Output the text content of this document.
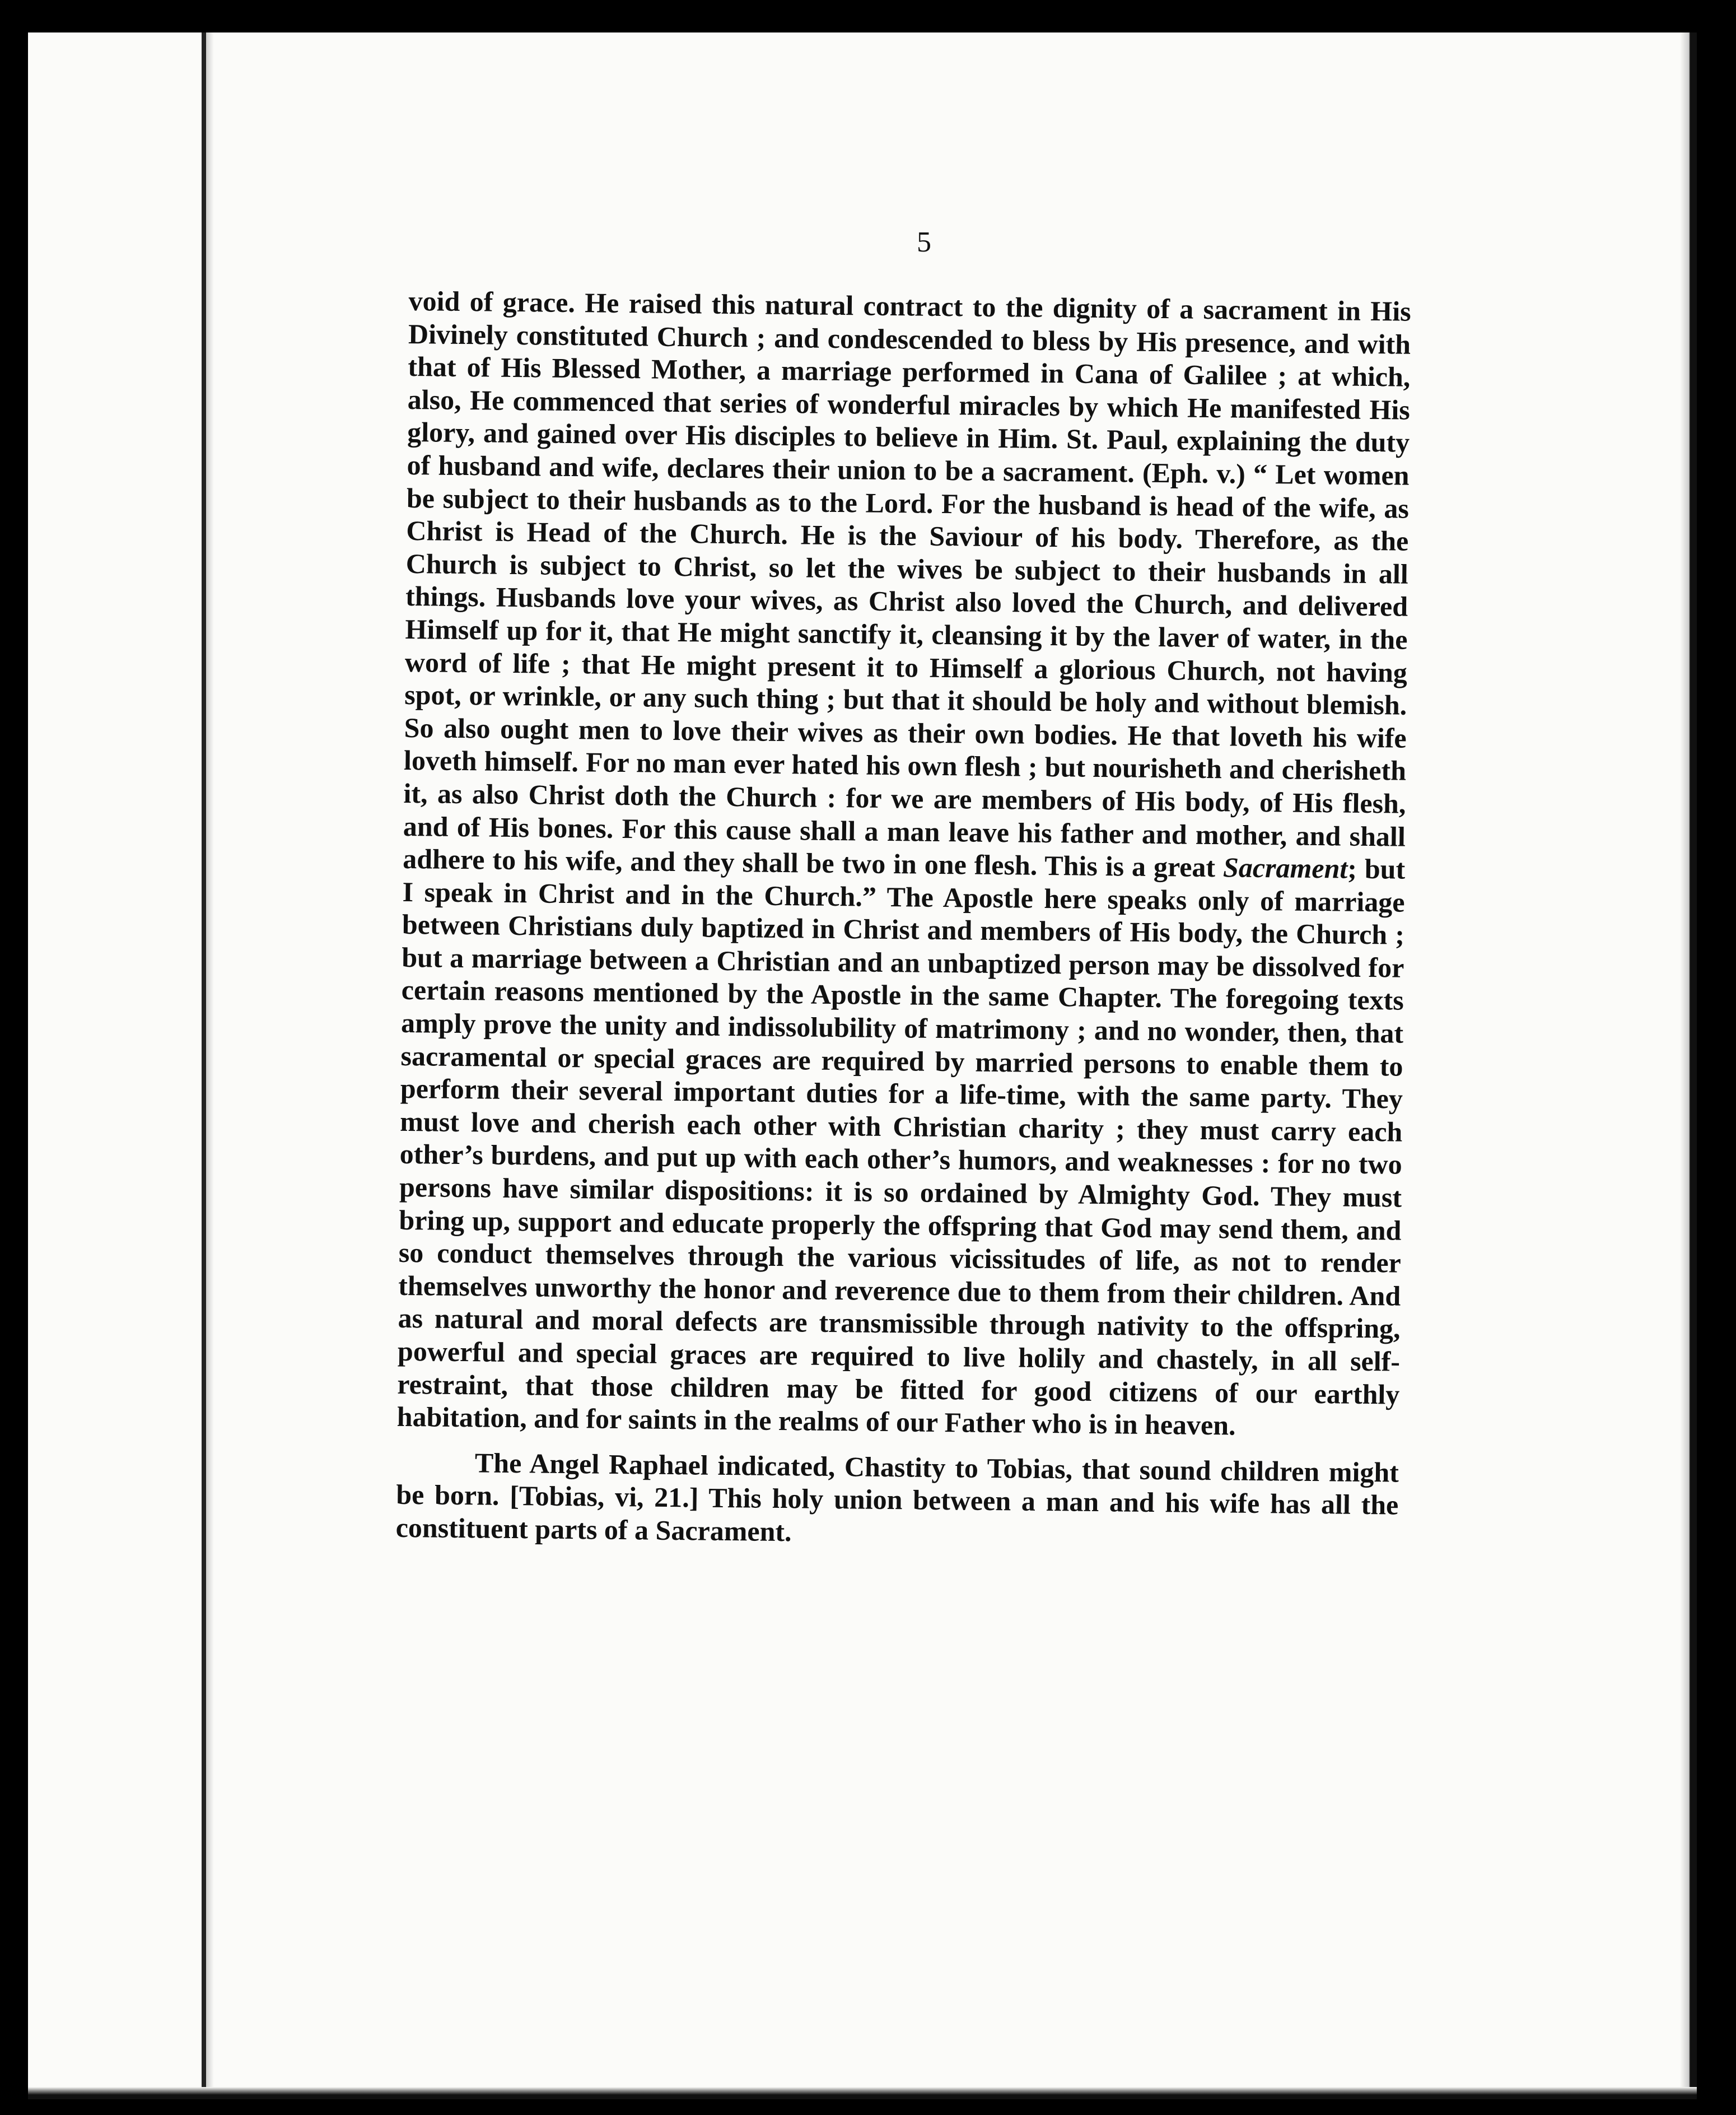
5

void of grace. He raised this natural contract to the dignity of a sacrament in His Divinely constituted Church ; and condescended to bless by His presence, and with that of His Blessed Mother, a marriage performed in Cana of Galilee ; at which, also, He commenced that series of wonderful miracles by which He manifested His glory, and gained over His disciples to believe in Him. St. Paul, explaining the duty of husband and wife, declares their union to be a sacrament. (Eph. v.) “ Let women be subject to their husbands as to the Lord. For the husband is head of the wife, as Christ is Head of the Church. He is the Saviour of his body. Therefore, as the Church is subject to Christ, so let the wives be subject to their husbands in all things. Husbands love your wives, as Christ also loved the Church, and delivered Himself up for it, that He might sanctify it, cleansing it by the laver of water, in the word of life ; that He might present it to Himself a glorious Church, not having spot, or wrinkle, or any such thing ; but that it should be holy and without blemish. So also ought men to love their wives as their own bodies. He that loveth his wife loveth himself. For no man ever hated his own flesh ; but nourisheth and cherisheth it, as also Christ doth the Church : for we are members of His body, of His flesh, and of His bones. For this cause shall a man leave his father and mother, and shall adhere to his wife, and they shall be two in one flesh. This is a great Sacrament; but I speak in Christ and in the Church.” The Apostle here speaks only of marriage between Christians duly baptized in Christ and members of His body, the Church ; but a marriage between a Christian and an unbaptized person may be dissolved for certain reasons mentioned by the Apostle in the same Chapter. The foregoing texts amply prove the unity and indissolubility of matrimony ; and no wonder, then, that sacramental or special graces are required by married persons to enable them to perform their several important duties for a life-time, with the same party. They must love and cherish each other with Christian charity ; they must carry each other’s burdens, and put up with each other’s humors, and weaknesses : for no two persons have similar dispositions: it is so ordained by Almighty God. They must bring up, support and educate properly the offspring that God may send them, and so conduct themselves through the various vicissitudes of life, as not to render themselves unworthy the honor and reverence due to them from their children. And as natural and moral defects are transmissible through nativity to the offspring, powerful and special graces are required to live holily and chastely, in all self-restraint, that those children may be fitted for good citizens of our earthly habitation, and for saints in the realms of our Father who is in heaven.

The Angel Raphael indicated, Chastity to Tobias, that sound children might be born. [Tobias, vi, 21.] This holy union between a man and his wife has all the constituent parts of a Sacrament.
